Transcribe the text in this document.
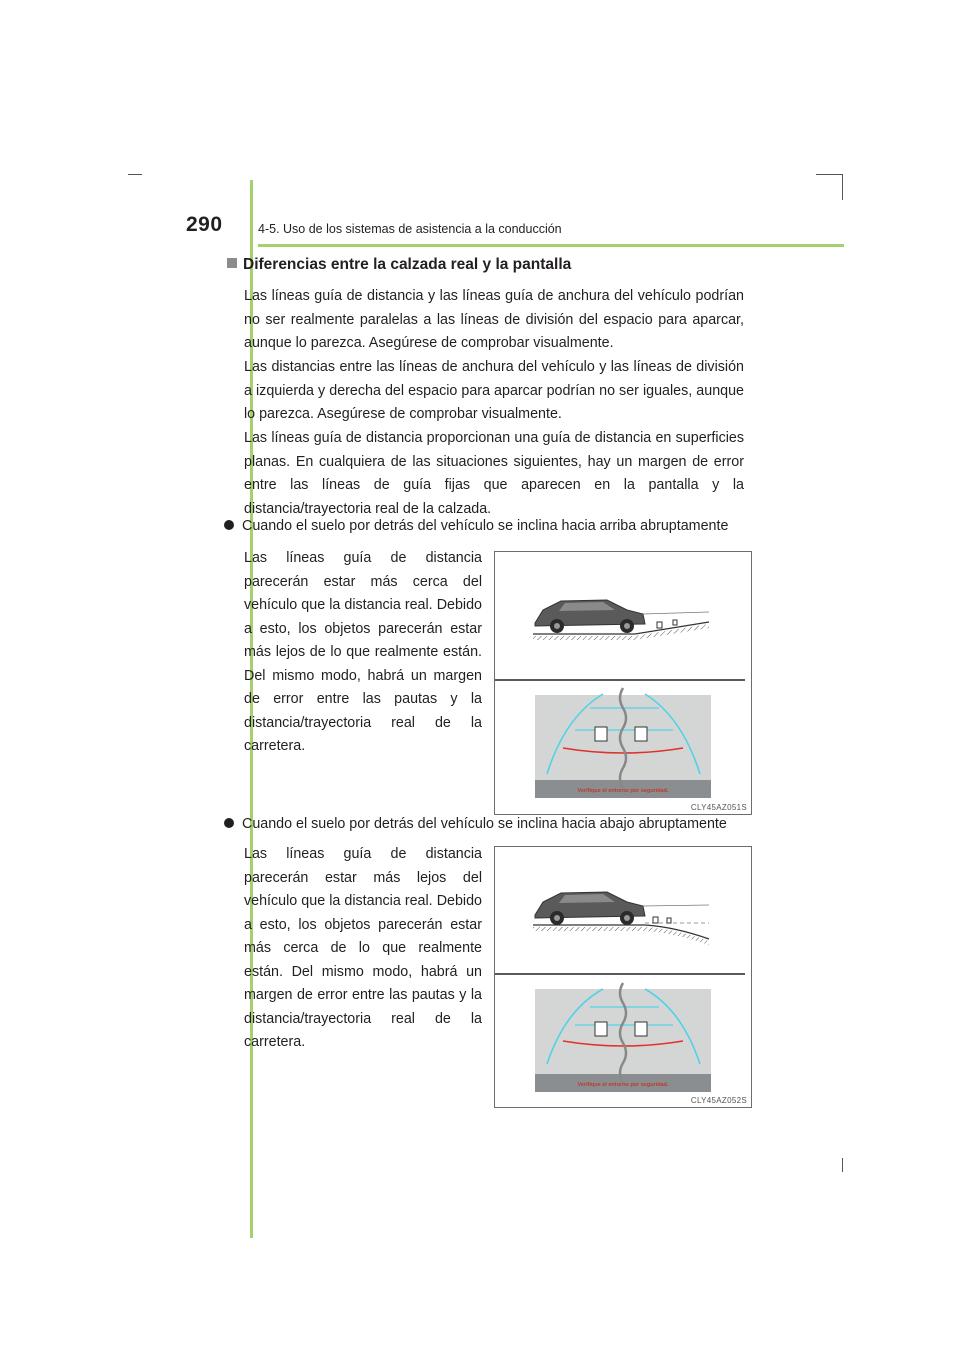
290	4-5. Uso de los sistemas de asistencia a la conducción
Diferencias entre la calzada real y la pantalla
Las líneas guía de distancia y las líneas guía de anchura del vehículo podrían no ser realmente paralelas a las líneas de división del espacio para aparcar, aunque lo parezca. Asegúrese de comprobar visualmente.
Las distancias entre las líneas de anchura del vehículo y las líneas de división a izquierda y derecha del espacio para aparcar podrían no ser iguales, aunque lo parezca. Asegúrese de comprobar visualmente.
Las líneas guía de distancia proporcionan una guía de distancia en superficies planas. En cualquiera de las situaciones siguientes, hay un margen de error entre las líneas de guía fijas que aparecen en la pantalla y la distancia/trayectoria real de la calzada.
Cuando el suelo por detrás del vehículo se inclina hacia arriba abruptamente
Las líneas guía de distancia parecerán estar más cerca del vehículo que la distancia real. Debido a esto, los objetos parecerán estar más lejos de lo que realmente están. Del mismo modo, habrá un margen de error entre las pautas y la distancia/trayectoria real de la carretera.
Verifique el entorno por seguridad.
CLY45AZ051S
Cuando el suelo por detrás del vehículo se inclina hacia abajo abruptamente
Las líneas guía de distancia parecerán estar más lejos del vehículo que la distancia real. Debido a esto, los objetos parecerán estar más cerca de lo que realmente están. Del mismo modo, habrá un margen de error entre las pautas y la distancia/trayectoria real de la carretera.
Verifique el entorno por seguridad.
CLY45AZ052S
